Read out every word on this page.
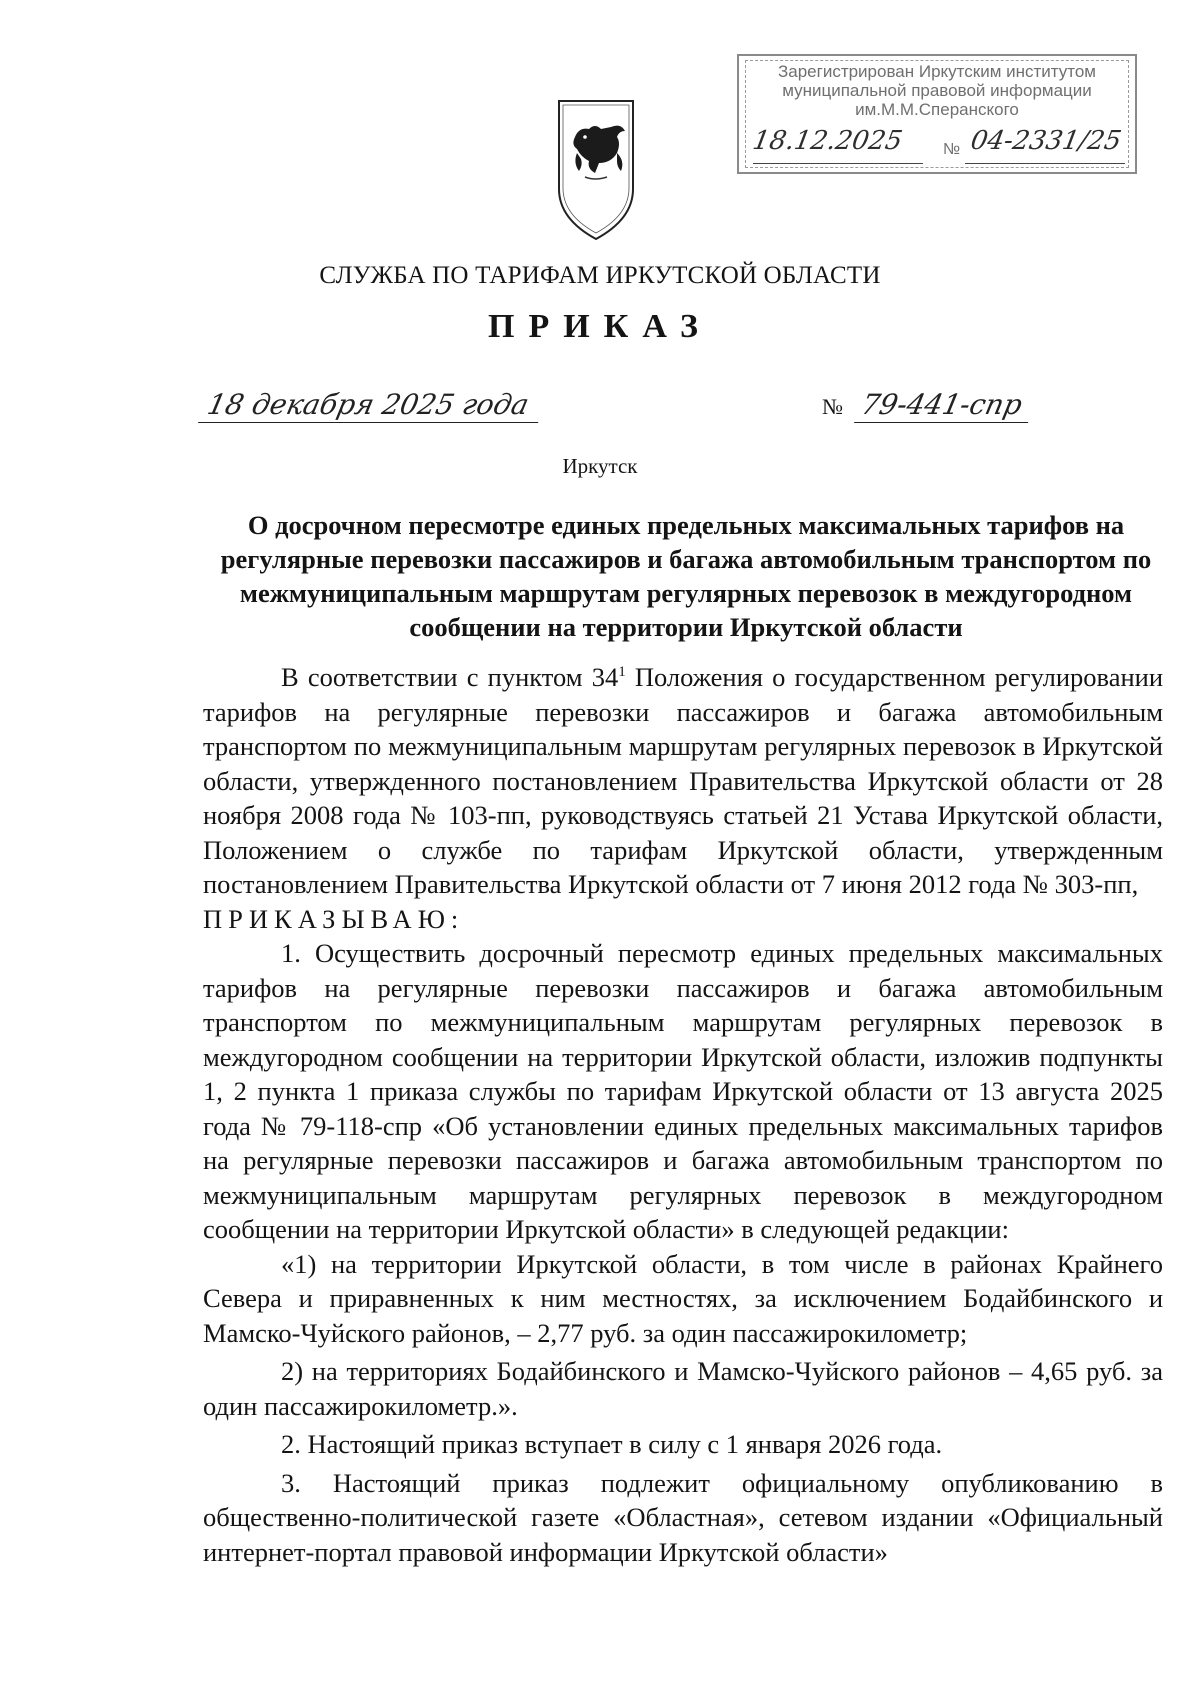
Зарегистрирован Иркутским институтом
муниципальной правовой информации
им.М.М.Сперанского
18.12.2025 № 04-2331/25
СЛУЖБА ПО ТАРИФАМ ИРКУТСКОЙ ОБЛАСТИ
ПРИКАЗ
18 декабря 2025 года	№ 79-441-спр
Иркутск
О досрочном пересмотре единых предельных максимальных тарифов на регулярные перевозки пассажиров и багажа автомобильным транспортом по межмуниципальным маршрутам регулярных перевозок в междугородном сообщении на территории Иркутской области

В соответствии с пунктом $34^1$ Положения о государственном регулировании тарифов на регулярные перевозки пассажиров и багажа автомобильным транспортом по межмуниципальным маршрутам регулярных перевозок в Иркутской области, утвержденного постановлением Правительства Иркутской области от 28 ноября 2008 года № 103-пп, руководствуясь статьей 21 Устава Иркутской области, Положением о службе по тарифам Иркутской области, утвержденным постановлением Правительства Иркутской области от 7 июня 2012 года № 303-пп,

ПРИКАЗЫВАЮ:

1. Осуществить досрочный пересмотр единых предельных максимальных тарифов на регулярные перевозки пассажиров и багажа автомобильным транспортом по межмуниципальным маршрутам регулярных перевозок в междугородном сообщении на территории Иркутской области, изложив подпункты 1, 2 пункта 1 приказа службы по тарифам Иркутской области от 13 августа 2025 года № 79-118-спр «Об установлении единых предельных максимальных тарифов на регулярные перевозки пассажиров и багажа автомобильным транспортом по межмуниципальным маршрутам регулярных перевозок в междугородном сообщении на территории Иркутской области» в следующей редакции:

«1) на территории Иркутской области, в том числе в районах Крайнего Севера и приравненных к ним местностях, за исключением Бодайбинского и Мамско-Чуйского районов, – 2,77 руб. за один пассажирокилометр;

2) на территориях Бодайбинского и Мамско-Чуйского районов – 4,65 руб. за один пассажирокилометр.».

2. Настоящий приказ вступает в силу с 1 января 2026 года.

3. Настоящий приказ подлежит официальному опубликованию в общественно-политической газете «Областная», сетевом издании «Официальный интернет-портал правовой информации Иркутской области»
